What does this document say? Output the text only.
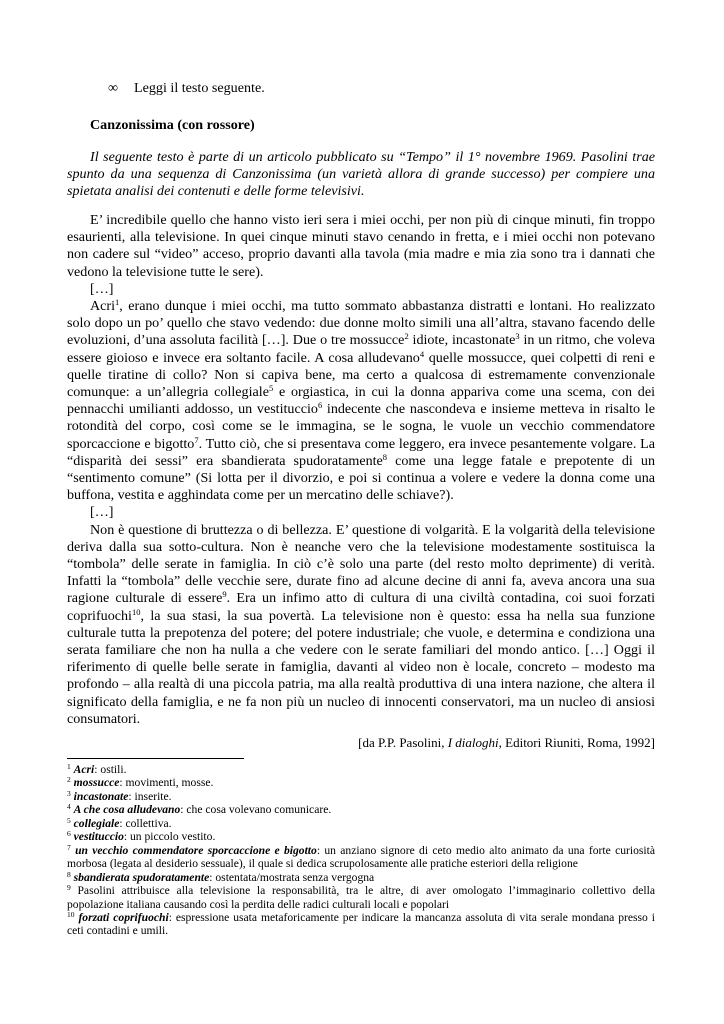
∞ Leggi il testo seguente.
Canzonissima (con rossore)
Il seguente testo è parte di un articolo pubblicato su “Tempo” il 1° novembre 1969. Pasolini trae spunto da una sequenza di Canzonissima (un varietà allora di grande successo) per compiere una spietata analisi dei contenuti e delle forme televisivi.

E’ incredibile quello che hanno visto ieri sera i miei occhi, per non più di cinque minuti, fin troppo esaurienti, alla televisione. In quei cinque minuti stavo cenando in fretta, e i miei occhi non potevano non cadere sul “video” acceso, proprio davanti alla tavola (mia madre e mia zia sono tra i dannati che vedono la televisione tutte le sere).

[…]

Acri$^1$, erano dunque i miei occhi, ma tutto sommato abbastanza distratti e lontani. Ho realizzato solo dopo un po’ quello che stavo vedendo: due donne molto simili una all’altra, stavano facendo delle evoluzioni, d’una assoluta facilità […]. Due o tre mossucce$^2$ idiote, incastonate$^3$ in un ritmo, che voleva essere gioioso e invece era soltanto facile. A cosa alludevano$^4$ quelle mossucce, quei colpetti di reni e quelle tiratine di collo? Non si capiva bene, ma certo a qualcosa di estremamente convenzionale comunque: a un’allegria collegiale$^5$ e orgiastica, in cui la donna appariva come una scema, con dei pennacchi umilianti addosso, un vestituccio$^6$ indecente che nascondeva e insieme metteva in risalto le rotondità del corpo, così come se le immagina, se le sogna, le vuole un vecchio commendatore sporcaccione e bigotto$^7$. Tutto ciò, che si presentava come leggero, era invece pesantemente volgare. La “disparità dei sessi” era sbandierata spudoratamente$^8$ come una legge fatale e prepotente di un “sentimento comune” (Si lotta per il divorzio, e poi si continua a volere e vedere la donna come una buffona, vestita e agghindata come per un mercatino delle schiave?).

[…]

Non è questione di bruttezza o di bellezza. E’ questione di volgarità. E la volgarità della televisione deriva dalla sua sotto-cultura. Non è neanche vero che la televisione modestamente sostituisca la “tombola” delle serate in famiglia. In ciò c’è solo una parte (del resto molto deprimente) di verità. Infatti la “tombola” delle vecchie sere, durate fino ad alcune decine di anni fa, aveva ancora una sua ragione culturale di essere$^9$. Era un infimo atto di cultura di una civiltà contadina, coi suoi forzati coprifuochi$^{10}$, la sua stasi, la sua povertà. La televisione non è questo: essa ha nella sua funzione culturale tutta la prepotenza del potere; del potere industriale; che vuole, e determina e condiziona una serata familiare che non ha nulla a che vedere con le serate familiari del mondo antico. […] Oggi il riferimento di quelle belle serate in famiglia, davanti al video non è locale, concreto – modesto ma profondo – alla realtà di una piccola patria, ma alla realtà produttiva di una intera nazione, che altera il significato della famiglia, e ne fa non più un nucleo di innocenti conservatori, ma un nucleo di ansiosi consumatori.

[da P.P. Pasolini, I dialoghi, Editori Riuniti, Roma, 1992]
$^1$ Acri: ostili.
$^2$ mossucce: movimenti, mosse.
$^3$ incastonate: inserite.
$^4$ A che cosa alludevano: che cosa volevano comunicare.
$^5$ collegiale: collettiva.
$^6$ vestituccio: un piccolo vestito.
$^7$ un vecchio commendatore sporcaccione e bigotto: un anziano signore di ceto medio alto animato da una forte curiosità morbosa (legata al desiderio sessuale), il quale si dedica scrupolosamente alle pratiche esteriori della religione
$^8$ sbandierata spudoratamente: ostentata/mostrata senza vergogna
$^9$ Pasolini attribuisce alla televisione la responsabilità, tra le altre, di aver omologato l’immaginario collettivo della popolazione italiana causando così la perdita delle radici culturali locali e popolari
$^{10}$ forzati coprifuochi: espressione usata metaforicamente per indicare la mancanza assoluta di vita serale mondana presso i ceti contadini e umili.
